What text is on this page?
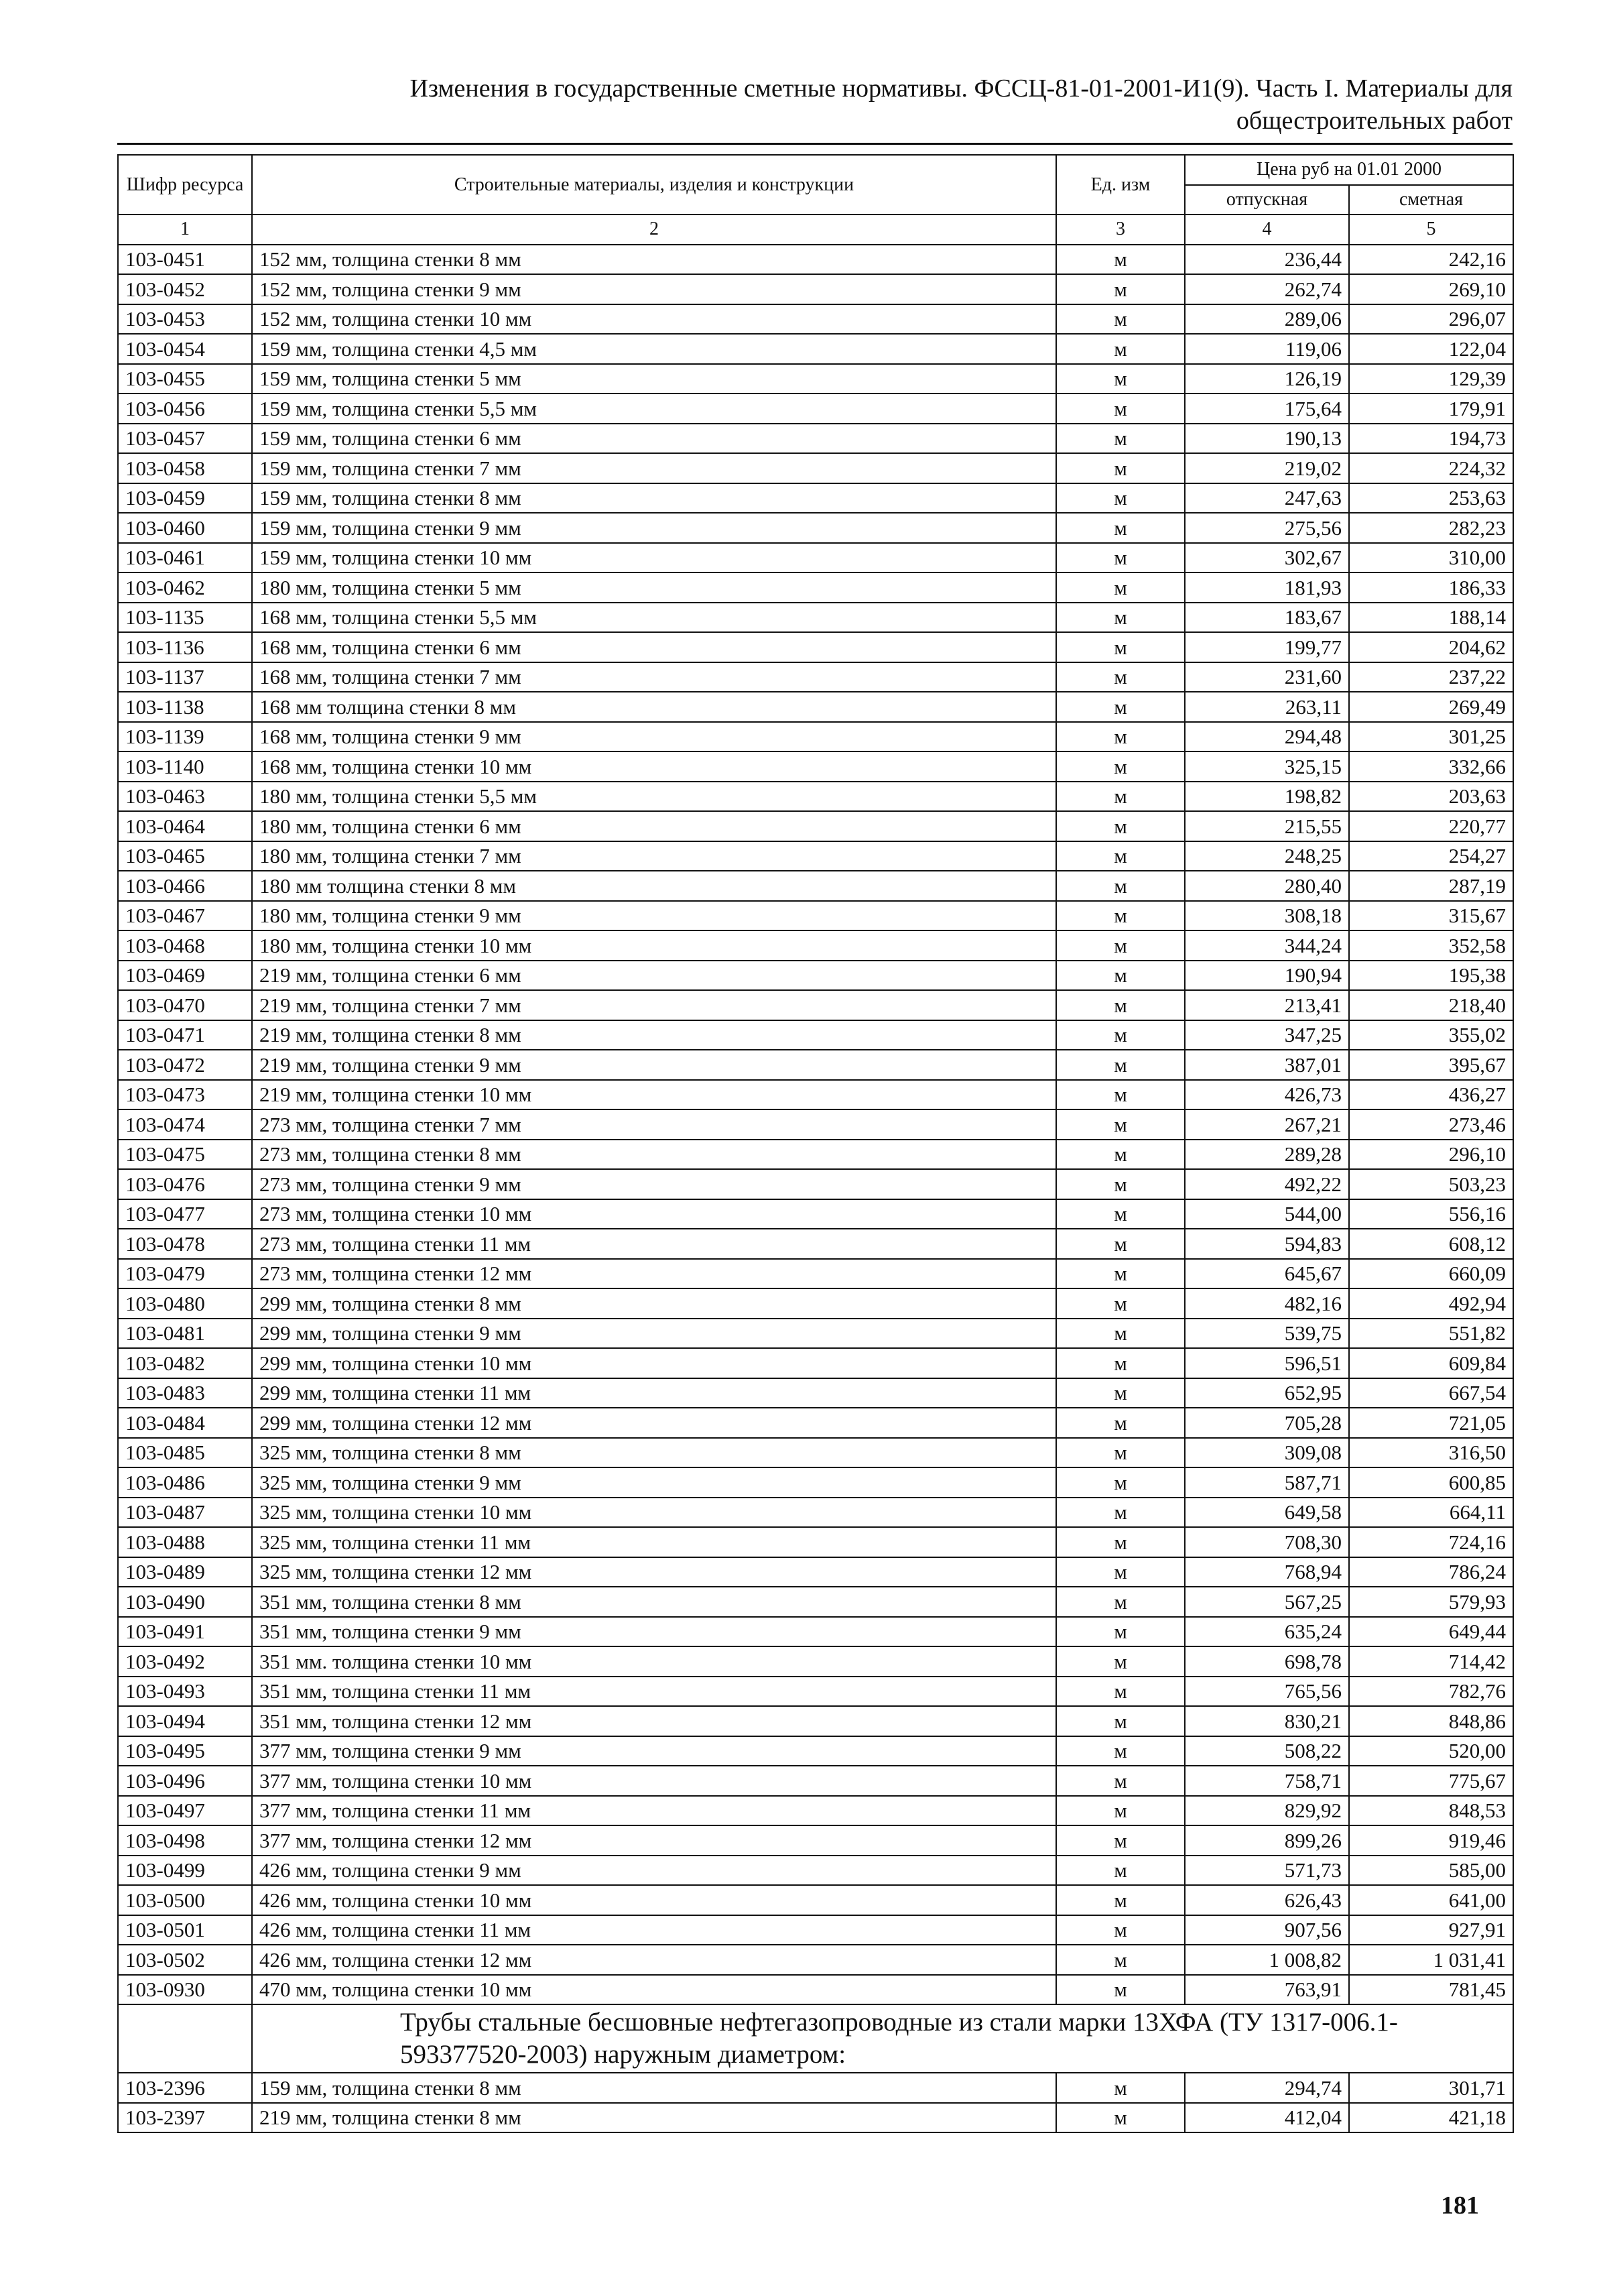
Изменения в государственные сметные нормативы. ФССЦ-81-01-2001-И1(9). Часть I. Материалы для
общестроительных работ
Шифр ресурса	Строительные материалы, изделия и конструкции	Ед. изм	Цена руб на 01.01 2000	
			отпускная	сметная
1	2	3	4	5
103-0451	152 мм, толщина стенки 8 мм	м	236,44	242,16
103-0452	152 мм, толщина стенки 9 мм	м	262,74	269,10
103-0453	152 мм, толщина стенки 10 мм	м	289,06	296,07
103-0454	159 мм, толщина стенки 4,5 мм	м	119,06	122,04
103-0455	159 мм, толщина стенки 5 мм	м	126,19	129,39
103-0456	159 мм, толщина стенки 5,5 мм	м	175,64	179,91
103-0457	159 мм, толщина стенки 6 мм	м	190,13	194,73
103-0458	159 мм, толщина стенки 7 мм	м	219,02	224,32
103-0459	159 мм, толщина стенки 8 мм	м	247,63	253,63
103-0460	159 мм, толщина стенки 9 мм	м	275,56	282,23
103-0461	159 мм, толщина стенки 10 мм	м	302,67	310,00
103-0462	180 мм, толщина стенки 5 мм	м	181,93	186,33
103-1135	168 мм, толщина стенки 5,5 мм	м	183,67	188,14
103-1136	168 мм, толщина стенки 6 мм	м	199,77	204,62
103-1137	168 мм, толщина стенки 7 мм	м	231,60	237,22
103-1138	168 мм толщина стенки 8 мм	м	263,11	269,49
103-1139	168 мм, толщина стенки 9 мм	м	294,48	301,25
103-1140	168 мм, толщина стенки 10 мм	м	325,15	332,66
103-0463	180 мм, толщина стенки 5,5 мм	м	198,82	203,63
103-0464	180 мм, толщина стенки 6 мм	м	215,55	220,77
103-0465	180 мм, толщина стенки 7 мм	м	248,25	254,27
103-0466	180 мм толщина стенки 8 мм	м	280,40	287,19
103-0467	180 мм, толщина стенки 9 мм	м	308,18	315,67
103-0468	180 мм, толщина стенки 10 мм	м	344,24	352,58
103-0469	219 мм, толщина стенки 6 мм	м	190,94	195,38
103-0470	219 мм, толщина стенки 7 мм	м	213,41	218,40
103-0471	219 мм, толщина стенки 8 мм	м	347,25	355,02
103-0472	219 мм, толщина стенки 9 мм	м	387,01	395,67
103-0473	219 мм, толщина стенки 10 мм	м	426,73	436,27
103-0474	273 мм, толщина стенки 7 мм	м	267,21	273,46
103-0475	273 мм, толщина стенки 8 мм	м	289,28	296,10
103-0476	273 мм, толщина стенки 9 мм	м	492,22	503,23
103-0477	273 мм, толщина стенки 10 мм	м	544,00	556,16
103-0478	273 мм, толщина стенки 11 мм	м	594,83	608,12
103-0479	273 мм, толщина стенки 12 мм	м	645,67	660,09
103-0480	299 мм, толщина стенки 8 мм	м	482,16	492,94
103-0481	299 мм, толщина стенки 9 мм	м	539,75	551,82
103-0482	299 мм, толщина стенки 10 мм	м	596,51	609,84
103-0483	299 мм, толщина стенки 11 мм	м	652,95	667,54
103-0484	299 мм, толщина стенки 12 мм	м	705,28	721,05
103-0485	325 мм, толщина стенки 8 мм	м	309,08	316,50
103-0486	325 мм, толщина стенки 9 мм	м	587,71	600,85
103-0487	325 мм, толщина стенки 10 мм	м	649,58	664,11
103-0488	325 мм, толщина стенки 11 мм	м	708,30	724,16
103-0489	325 мм, толщина стенки 12 мм	м	768,94	786,24
103-0490	351 мм, толщина стенки 8 мм	м	567,25	579,93
103-0491	351 мм, толщина стенки 9 мм	м	635,24	649,44
103-0492	351 мм. толщина стенки 10 мм	м	698,78	714,42
103-0493	351 мм, толщина стенки 11 мм	м	765,56	782,76
103-0494	351 мм, толщина стенки 12 мм	м	830,21	848,86
103-0495	377 мм, толщина стенки 9 мм	м	508,22	520,00
103-0496	377 мм, толщина стенки 10 мм	м	758,71	775,67
103-0497	377 мм, толщина стенки 11 мм	м	829,92	848,53
103-0498	377 мм, толщина стенки 12 мм	м	899,26	919,46
103-0499	426 мм, толщина стенки 9 мм	м	571,73	585,00
103-0500	426 мм, толщина стенки 10 мм	м	626,43	641,00
103-0501	426 мм, толщина стенки 11 мм	м	907,56	927,91
103-0502	426 мм, толщина стенки 12 мм	м	1 008,82	1 031,41
103-0930	470 мм, толщина стенки 10 мм	м	763,91	781,45
	Трубы стальные бесшовные нефтегазопроводные из стали марки 13ХФА (ТУ 1317-006.1-593377520-2003) наружным диаметром:			
103-2396	159 мм, толщина стенки 8 мм	м	294,74	301,71
103-2397	219 мм, толщина стенки 8 мм	м	412,04	421,18
181
